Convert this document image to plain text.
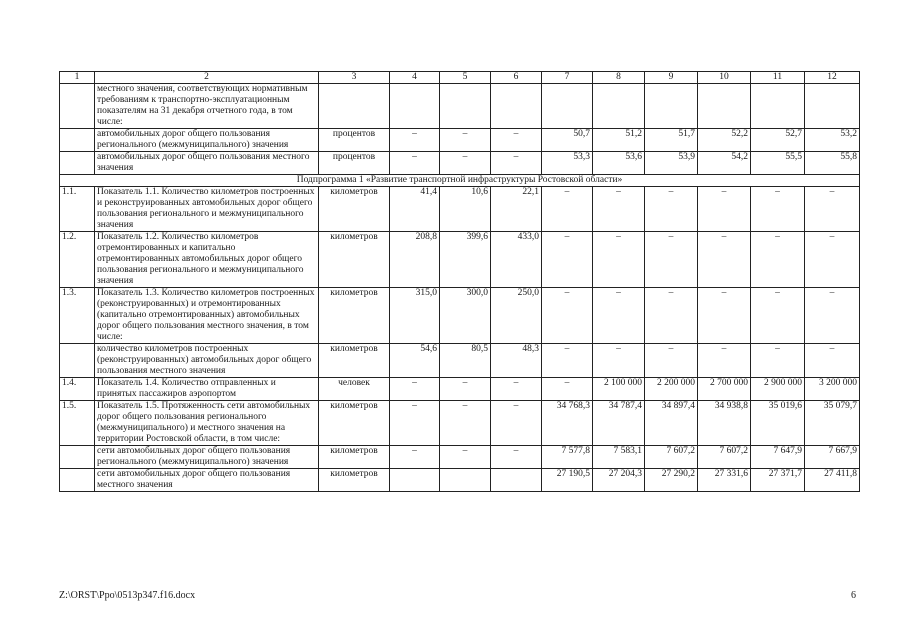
1	2	3	4	5	6	7	8	9	10	11	12
	местного значения, соответствующих нормативным требованиям к транспортно-эксплуатационным показателям на 31 декабря отчетного года, в том числе:										
	автомобильных дорог общего пользования регионального (межмуниципального) значения	процентов	–	–	–	50,7	51,2	51,7	52,2	52,7	53,2
	автомобильных дорог общего пользования местного значения	процентов	–	–	–	53,3	53,6	53,9	54,2	55,5	55,8
Подпрограмма 1 «Развитие транспортной инфраструктуры Ростовской области»											
1.1.	Показатель 1.1. Количество километров построенных и реконструированных автомобильных дорог общего пользования регионального и межмуниципального значения	километров	41,4	10,6	22,1	–	–	–	–	–	–
1.2.	Показатель 1.2. Количество километров отремонтированных и капитально отремонтированных автомобильных дорог общего пользования регионального и межмуниципального значения	километров	208,8	399,6	433,0	–	–	–	–	–	–
1.3.	Показатель 1.3. Количество километров построенных (реконструированных) и отремонтированных (капитально отремонтированных) автомобильных дорог общего пользования местного значения, в том числе:	километров	315,0	300,0	250,0	–	–	–	–	–	–
	количество километров построенных (реконструированных) автомобильных дорог общего пользования местного значения	километров	54,6	80,5	48,3	–	–	–	–	–	–
1.4.	Показатель 1.4. Количество отправленных и принятых пассажиров аэропортом	человек	–	–	–	–	2 100 000	2 200 000	2 700 000	2 900 000	3 200 000
1.5.	Показатель 1.5. Протяженность сети автомобильных дорог общего пользования регионального (межмуниципального) и местного значения на территории Ростовской области, в том числе:	километров	–	–	–	34 768,3	34 787,4	34 897,4	34 938,8	35 019,6	35 079,7
	сети автомобильных дорог общего пользования регионального (межмуниципального) значения	километров	–	–	–	7 577,8	7 583,1	7 607,2	7 607,2	7 647,9	7 667,9
	сети автомобильных дорог общего пользования местного значения	километров				27 190,5	27 204,3	27 290,2	27 331,6	27 371,7	27 411,8
Z:\ORST\Ppo\0513p347.f16.docx	6
